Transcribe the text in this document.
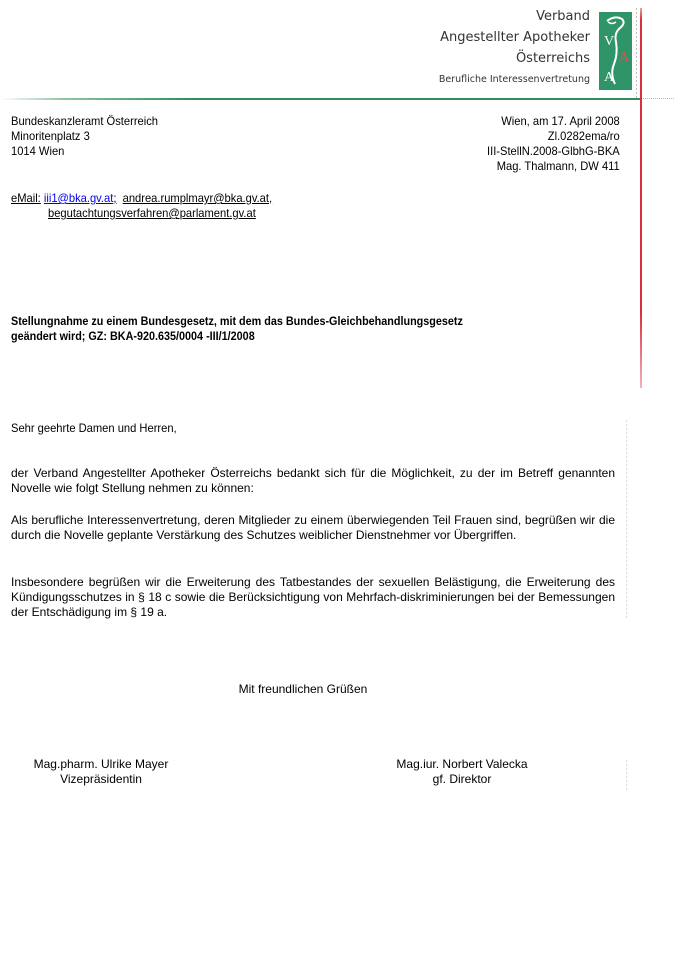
Verband
Angestellter Apotheker
Österreichs
Berufliche Interessenvertretung
V
A
A
Bundeskanzleramt Österreich
Minoritenplatz 3
1014 Wien
Wien, am 17. April 2008
Zl.0282ema/ro
III-StellN.2008-GlbhG-BKA
Mag. Thalmann, DW 411
eMail: iii1@bka.gv.at; andrea.rumplmayr@bka.gv.at,
begutachtungsverfahren@parlament.gv.at
Stellungnahme zu einem Bundesgesetz, mit dem das Bundes-Gleichbehandlungsgesetz
geändert wird; GZ: BKA-920.635/0004 -III/1/2008
Sehr geehrte Damen und Herren,
der Verband Angestellter Apotheker Österreichs bedankt sich für die Möglichkeit, zu der im Betreff genannten Novelle wie folgt Stellung nehmen zu können:
Als berufliche Interessenvertretung, deren Mitglieder zu einem überwiegenden Teil Frauen sind, begrüßen wir die durch die Novelle geplante Verstärkung des Schutzes weiblicher Dienstnehmer vor Übergriffen.
Insbesondere begrüßen wir die Erweiterung des Tatbestandes der sexuellen Belästigung, die Erweiterung des Kündigungsschutzes in § 18 c sowie die Berücksichtigung von Mehrfach-diskriminierungen bei der Bemessungen der Entschädigung im § 19 a.
Mit freundlichen Grüßen
Mag.pharm. Ulrike Mayer
Vizepräsidentin
Mag.iur. Norbert Valecka
gf. Direktor
